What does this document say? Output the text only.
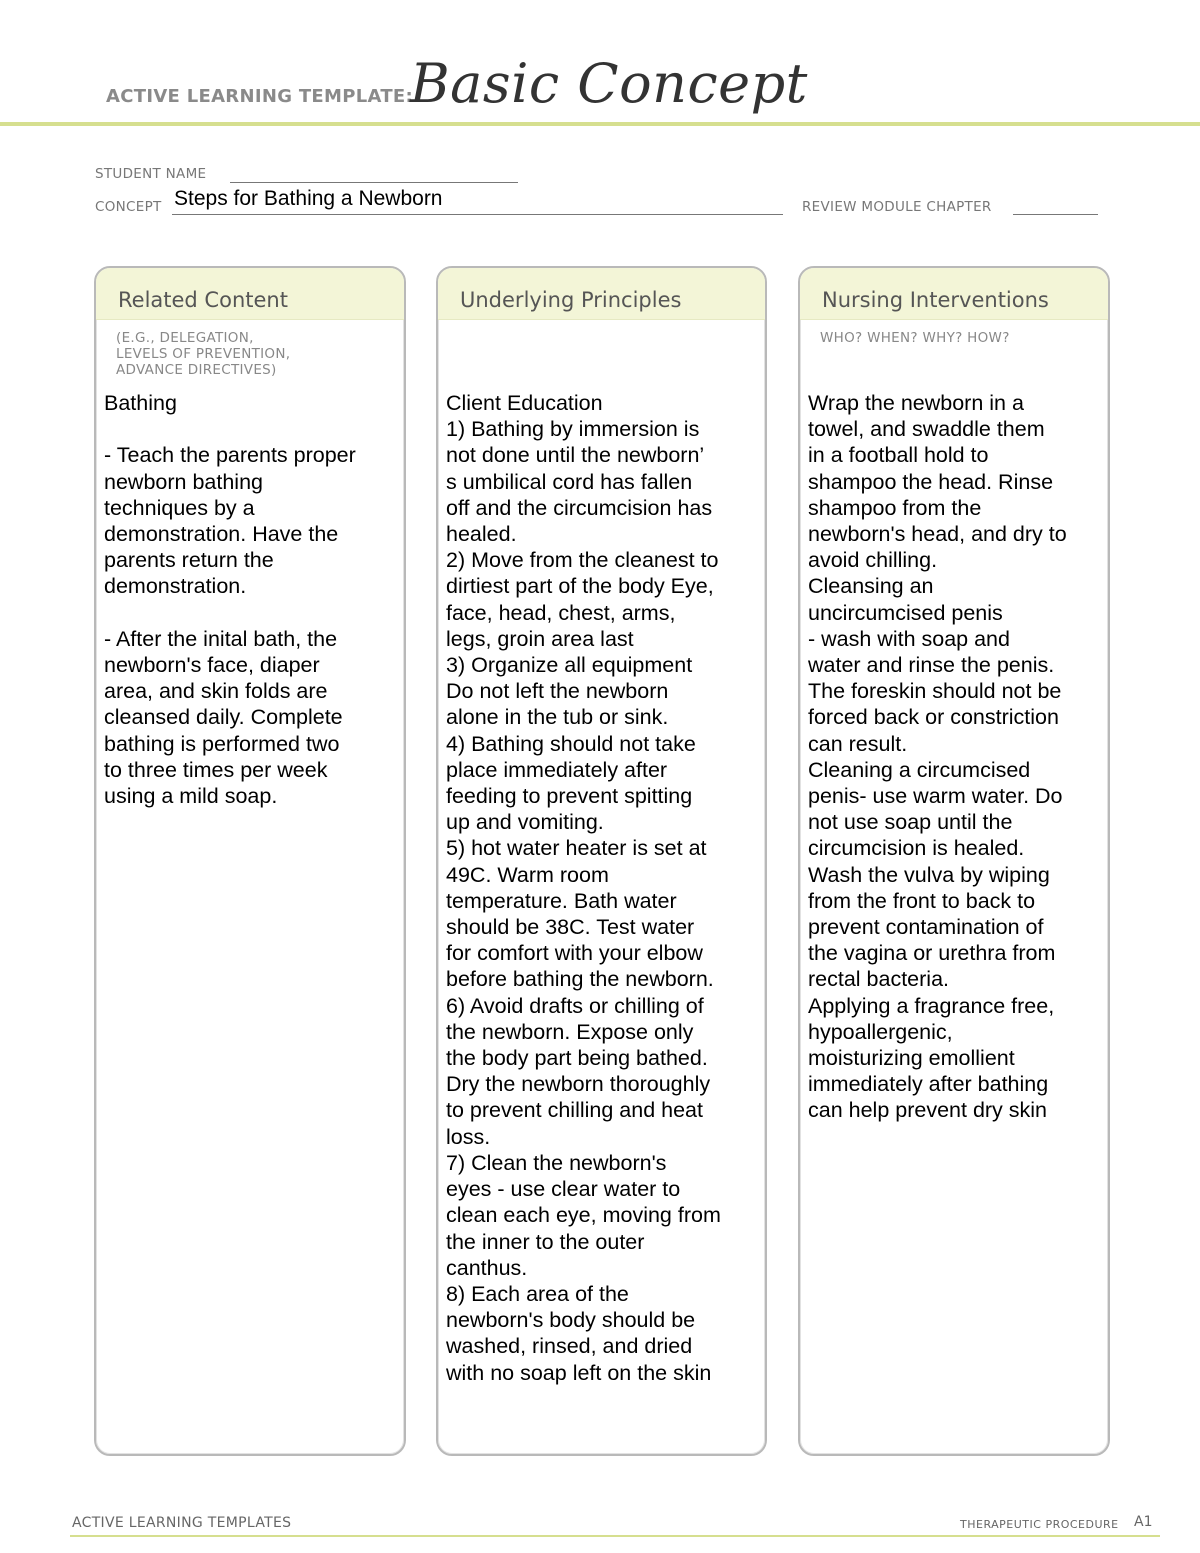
ACTIVE LEARNING TEMPLATE:
Basic Concept
STUDENT NAME
CONCEPT Steps for Bathing a Newborn	REVIEW MODULE CHAPTER
Related Content
(E.G., DELEGATION,
LEVELS OF PREVENTION,
ADVANCE DIRECTIVES)
Bathing

- Teach the parents proper
newborn bathing
techniques by a
demonstration. Have the
parents return the
demonstration.

- After the inital bath, the
newborn's face, diaper
area, and skin folds are
cleansed daily. Complete
bathing is performed two
to three times per week
using a mild soap.
Underlying Principles
Client Education
1) Bathing by immersion is
not done until the newborn’
s umbilical cord has fallen
off and the circumcision has
healed.
2) Move from the cleanest to
dirtiest part of the body Eye,
face, head, chest, arms,
legs, groin area last
3) Organize all equipment
Do not left the newborn
alone in the tub or sink.
4) Bathing should not take
place immediately after
feeding to prevent spitting
up and vomiting.
5) hot water heater is set at
49C. Warm room
temperature. Bath water
should be 38C. Test water
for comfort with your elbow
before bathing the newborn.
6) Avoid drafts or chilling of
the newborn. Expose only
the body part being bathed.
Dry the newborn thoroughly
to prevent chilling and heat
loss.
7) Clean the newborn's
eyes - use clear water to
clean each eye, moving from
the inner to the outer
canthus.
8) Each area of the
newborn's body should be
washed, rinsed, and dried
with no soap left on the skin
Nursing Interventions
WHO? WHEN? WHY? HOW?
Wrap the newborn in a
towel, and swaddle them
in a football hold to
shampoo the head. Rinse
shampoo from the
newborn's head, and dry to
avoid chilling.
Cleansing an
uncircumcised penis
- wash with soap and
water and rinse the penis.
The foreskin should not be
forced back or constriction
can result.
Cleaning a circumcised
penis- use warm water. Do
not use soap until the
circumcision is healed.
Wash the vulva by wiping
from the front to back to
prevent contamination of
the vagina or urethra from
rectal bacteria.
Applying a fragrance free,
hypoallergenic,
moisturizing emollient
immediately after bathing
can help prevent dry skin
ACTIVE LEARNING TEMPLATES	THERAPEUTIC PROCEDURE A1
